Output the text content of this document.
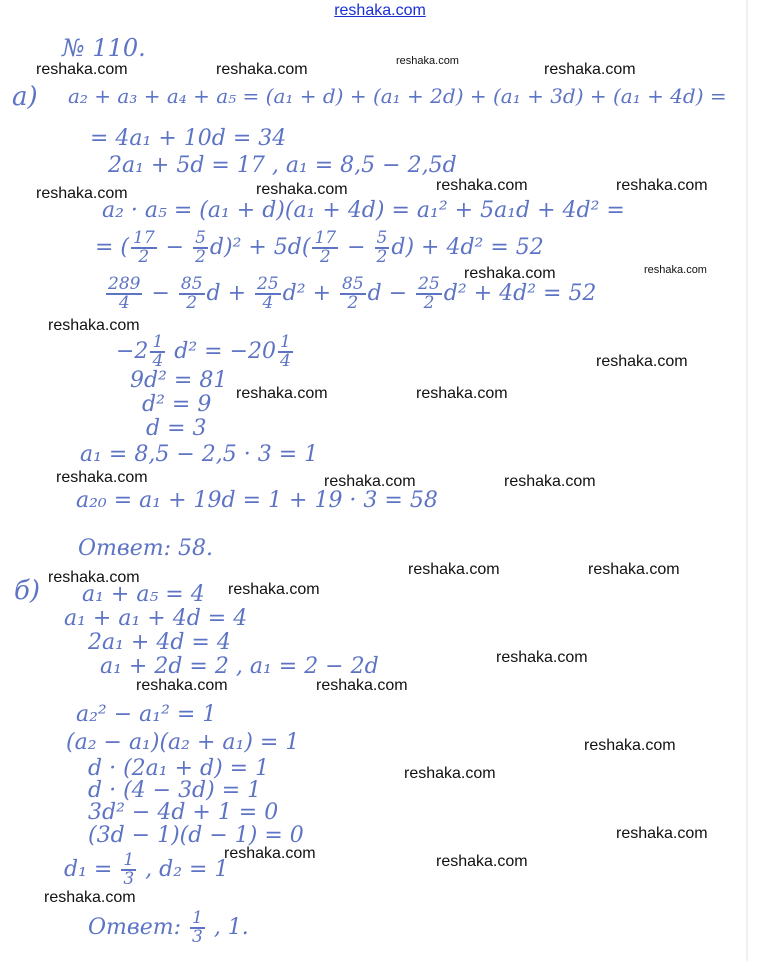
reshaka.com
№ 110.
а) a₂ + a₃ + a₄ + a₅ = (a₁ + d) + (a₁ + 2d) + (a₁ + 3d) + (a₁ + 4d) =
= 4a₁ + 10d = 34
2a₁ + 5d = 17 , a₁ = 8,5 − 2,5d
a₂ · a₅ = (a₁ + d)(a₁ + 4d) = a₁² + 5a₁d + 4d² =
= ( $\frac{17}{2} - \frac{5}{2} d)^2 + 5d( \frac{17}{2} - \frac{5}{2} d) + 4d^2 = 52$
$\frac{289}{4} - \frac{85}{2}$ $d + \frac{25}{4} d^2 + \frac{85}{2}$ $d - \frac{25}{2} d^2 + 4d^2 = 52$
$-2 \frac{1}{4} d^2 = -20 \frac{1}{4}$
9d² = 81
d² = 9
d = 3
a₁ = 8,5 − 2,5 · 3 = 1
a₂₀ = a₁ + 19d = 1 + 19 · 3 = 58
Ответ: 58.
б) a₁ + a₅ = 4
a₁ + a₁ + 4d = 4
2a₁ + 4d = 4
a₁ + 2d = 2 , a₁ = 2 − 2d
a₂² − a₁² = 1
(a₂ − a₁)(a₂ + a₁) = 1
d · (2a₁ + d) = 1
d · (4 − 3d) = 1
3d² − 4d + 1 = 0
(3d − 1)(d − 1) = 0
$d_1 = \frac{1}{3}$ , d₂ = 1
Ответ: $\frac{1}{3}$ , 1.
reshaka.com	reshaka.com	reshaka.com	reshaka.com
reshaka.com	reshaka.com	reshaka.com	reshaka.com
reshaka.com	reshaka.com
reshaka.com
reshaka.com
reshaka.com	reshaka.com
reshaka.com	reshaka.com	reshaka.com
reshaka.com	reshaka.com	reshaka.com
reshaka.com
reshaka.com
reshaka.com	reshaka.com
reshaka.com
reshaka.com
reshaka.com
reshaka.com	reshaka.com
reshaka.com
